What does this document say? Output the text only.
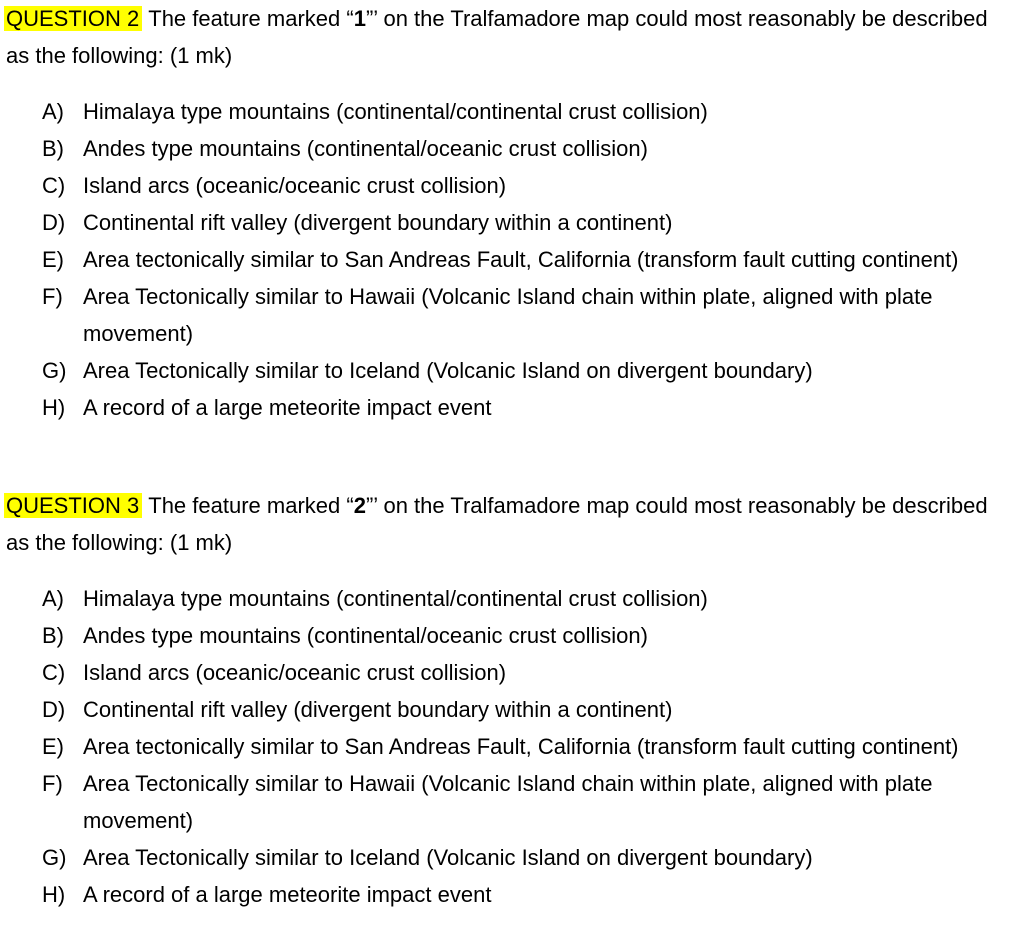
QUESTION 2 The feature marked “1”’ on the Tralfamadore map could most reasonably be described as the following: (1 mk)

A) Himalaya type mountains (continental/continental crust collision)
B) Andes type mountains (continental/oceanic crust collision)
C) Island arcs (oceanic/oceanic crust collision)
D) Continental rift valley (divergent boundary within a continent)
E) Area tectonically similar to San Andreas Fault, California (transform fault cutting continent)
F) Area Tectonically similar to Hawaii (Volcanic Island chain within plate, aligned with plate movement)
G) Area Tectonically similar to Iceland (Volcanic Island on divergent boundary)
H) A record of a large meteorite impact event

QUESTION 3 The feature marked “2”’ on the Tralfamadore map could most reasonably be described as the following: (1 mk)

A) Himalaya type mountains (continental/continental crust collision)
B) Andes type mountains (continental/oceanic crust collision)
C) Island arcs (oceanic/oceanic crust collision)
D) Continental rift valley (divergent boundary within a continent)
E) Area tectonically similar to San Andreas Fault, California (transform fault cutting continent)
F) Area Tectonically similar to Hawaii (Volcanic Island chain within plate, aligned with plate movement)
G) Area Tectonically similar to Iceland (Volcanic Island on divergent boundary)
H) A record of a large meteorite impact event
